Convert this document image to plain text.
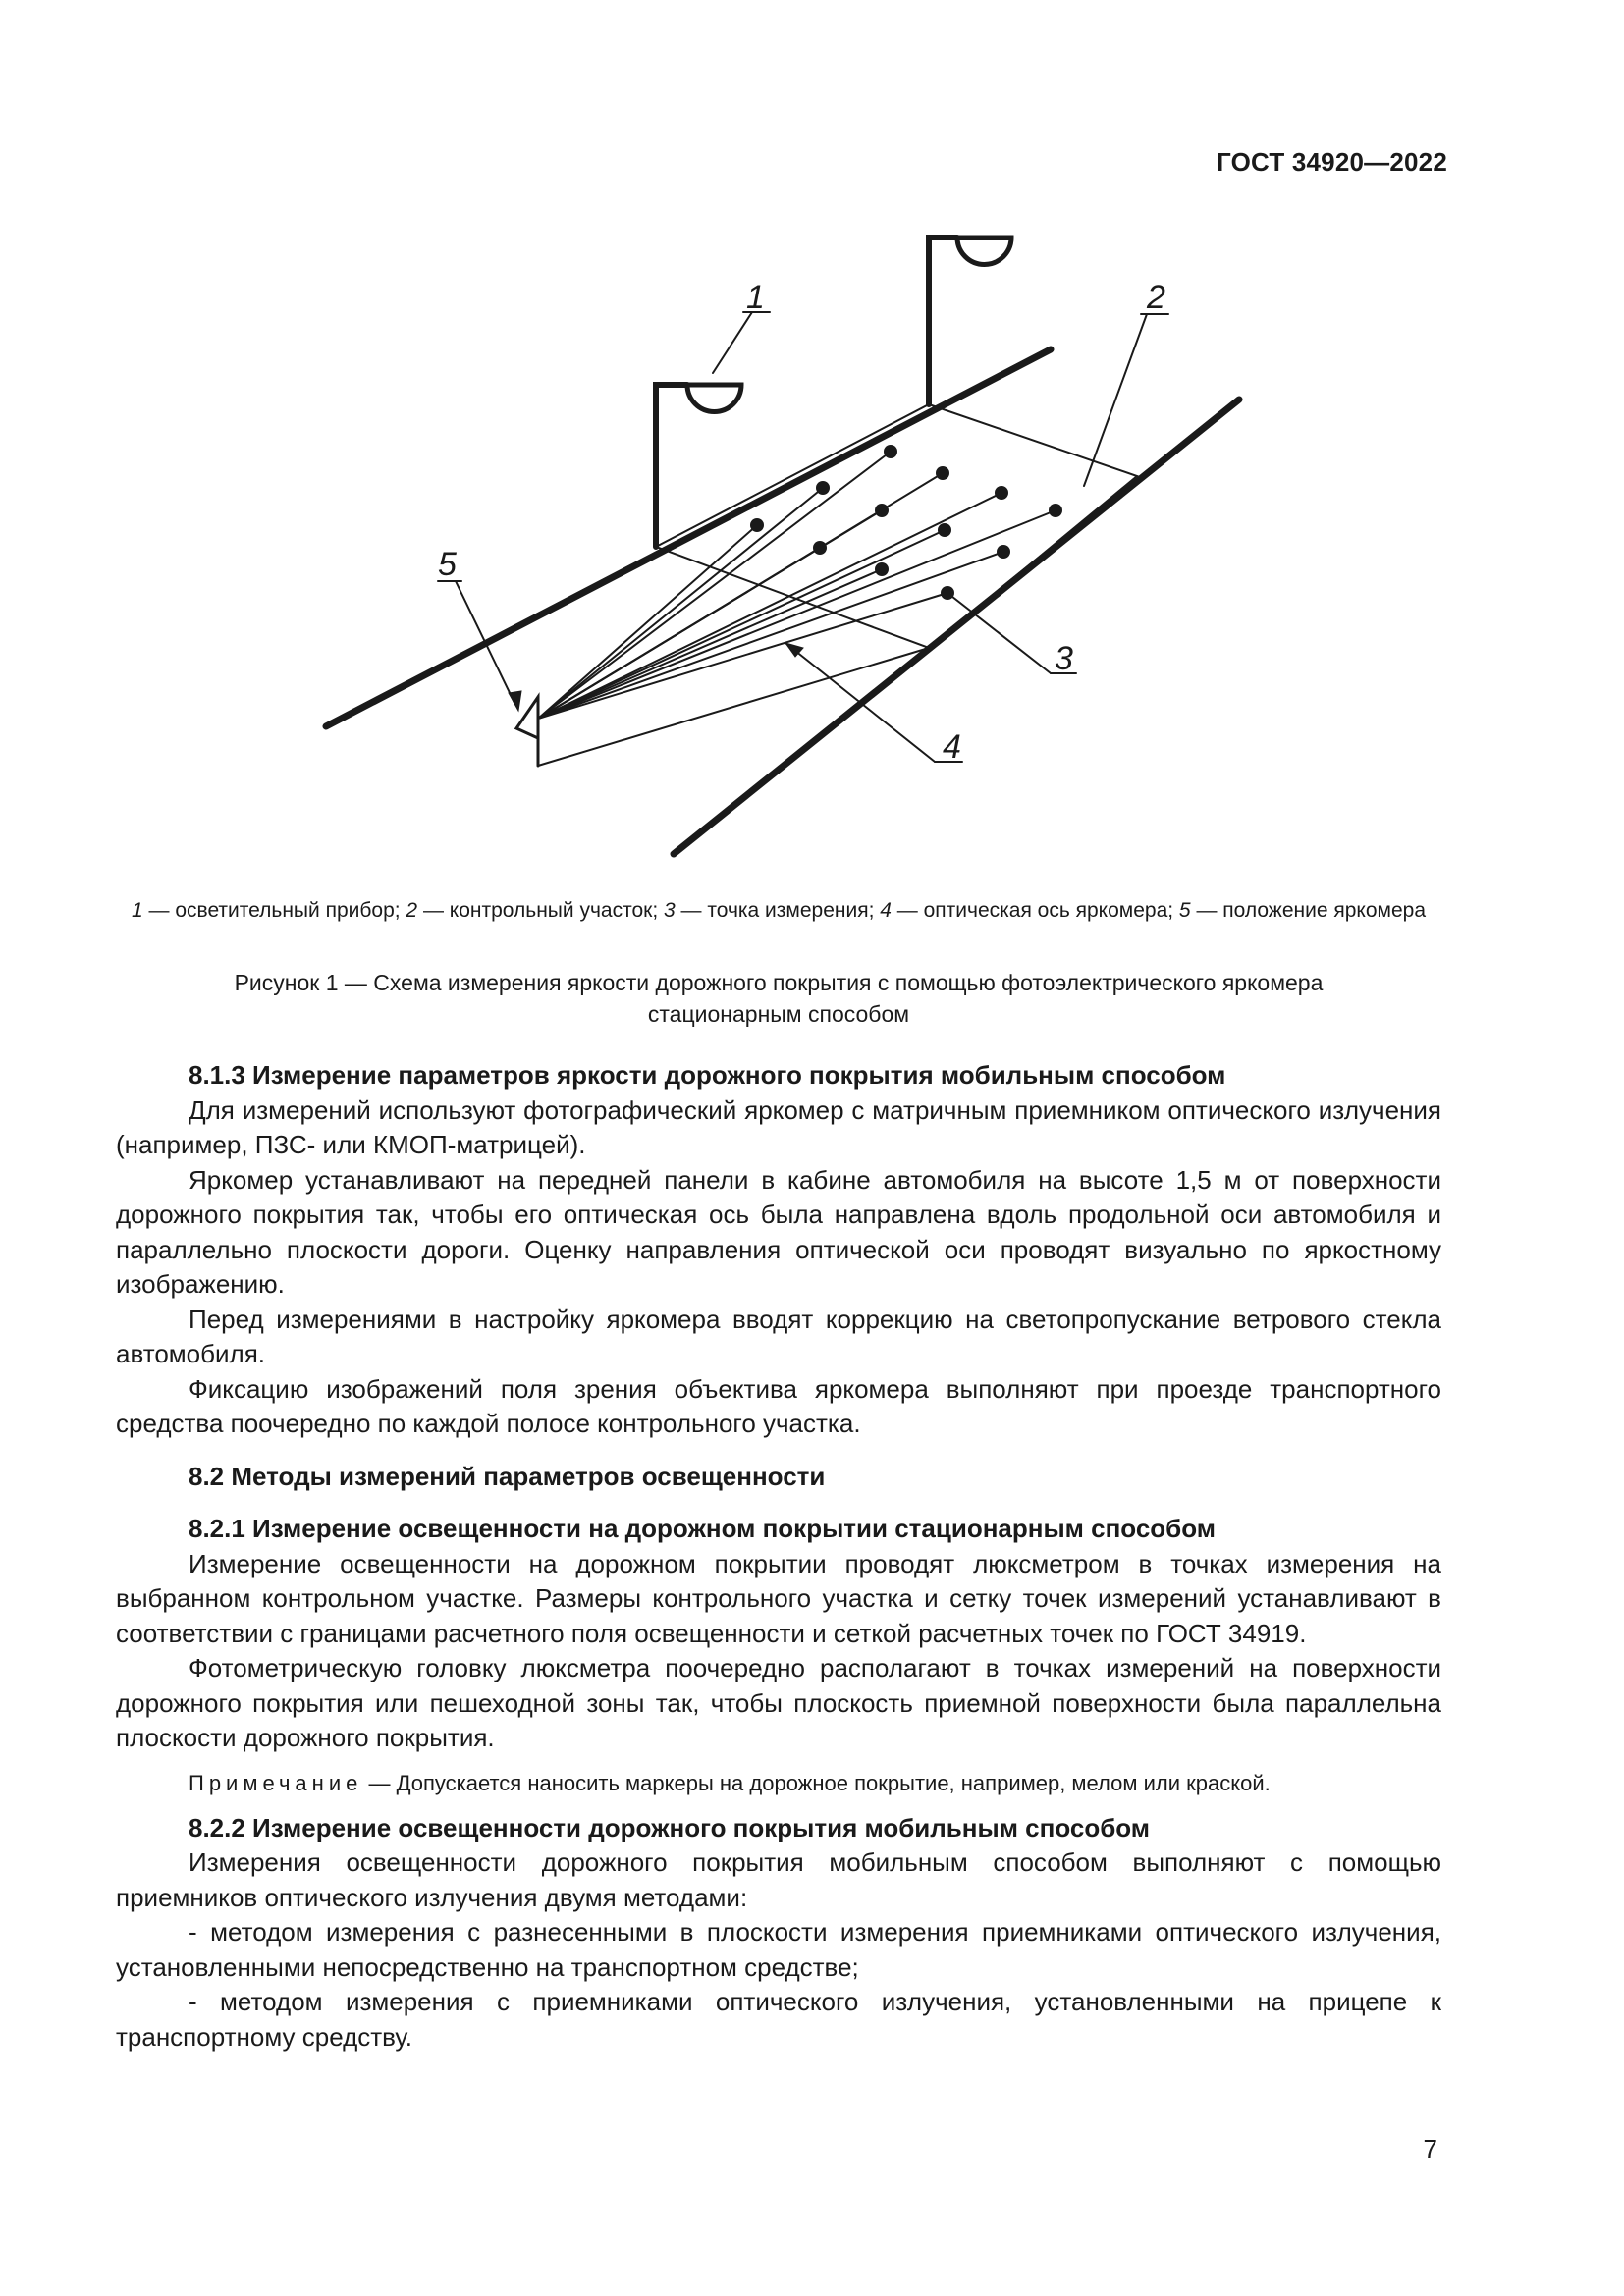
ГОСТ 34920—2022
1	2
3
4
5
1 — осветительный прибор; 2 — контрольный участок; 3 — точка измерения; 4 — оптическая ось яркомера; 5 — положение яркомера
Рисунок 1 — Схема измерения яркости дорожного покрытия с помощью фотоэлектрического яркомера
стационарным способом
8.1.3 Измерение параметров яркости дорожного покрытия мобильным способом

Для измерений используют фотографический яркомер с матричным приемником оптического излучения (например, ПЗС- или КМОП-матрицей).

Яркомер устанавливают на передней панели в кабине автомобиля на высоте 1,5 м от поверхности дорожного покрытия так, чтобы его оптическая ось была направлена вдоль продольной оси автомобиля и параллельно плоскости дороги. Оценку направления оптической оси проводят визуально по яркостному изображению.

Перед измерениями в настройку яркомера вводят коррекцию на светопропускание ветрового стекла автомобиля.

Фиксацию изображений поля зрения объектива яркомера выполняют при проезде транспортного средства поочередно по каждой полосе контрольного участка.

8.2 Методы измерений параметров освещенности
8.2.1 Измерение освещенности на дорожном покрытии стационарным способом

Измерение освещенности на дорожном покрытии проводят люксметром в точках измерения на выбранном контрольном участке. Размеры контрольного участка и сетку точек измерений устанавливают в соответствии с границами расчетного поля освещенности и сеткой расчетных точек по ГОСТ 34919.

Фотометрическую головку люксметра поочередно располагают в точках измерений на поверхности дорожного покрытия или пешеходной зоны так, чтобы плоскость приемной поверхности была параллельна плоскости дорожного покрытия.

Примечание — Допускается наносить маркеры на дорожное покрытие, например, мелом или краской.

8.2.2 Измерение освещенности дорожного покрытия мобильным способом

Измерения освещенности дорожного покрытия мобильным способом выполняют с помощью приемников оптического излучения двумя методами:

- методом измерения с разнесенными в плоскости измерения приемниками оптического излучения, установленными непосредственно на транспортном средстве;

- методом измерения с приемниками оптического излучения, установленными на прицепе к транспортному средству.

7
